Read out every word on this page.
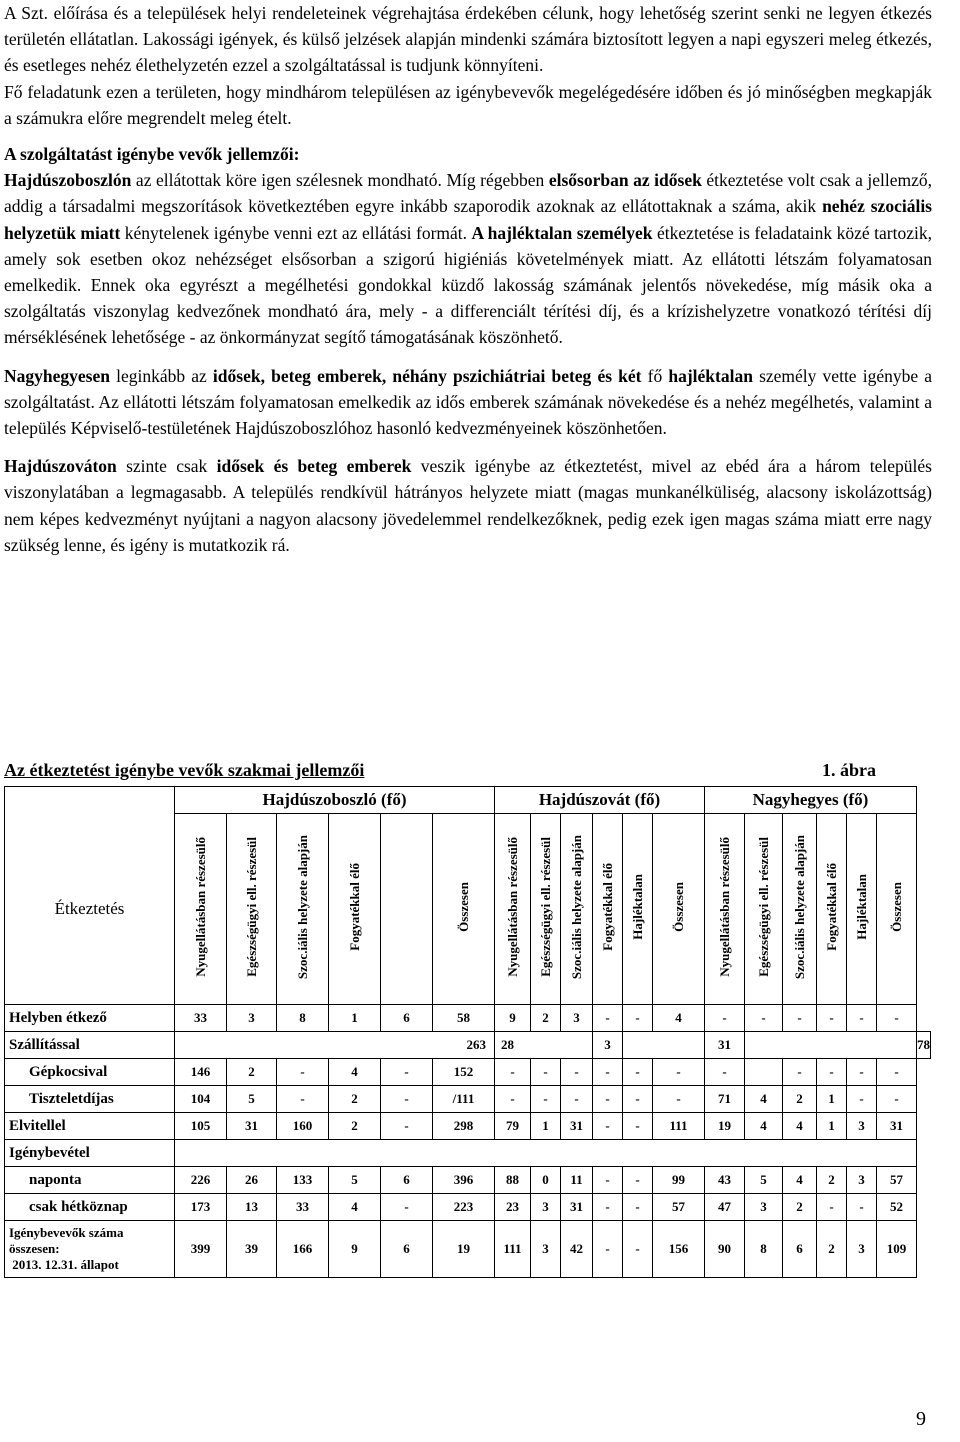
A Szt. előírása és a települések helyi rendeleteinek végrehajtása érdekében célunk, hogy lehetőség szerint senki ne legyen étkezés területén ellátatlan. Lakossági igények, és külső jelzések alapján mindenki számára biztosított legyen a napi egyszeri meleg étkezés, és esetleges nehéz élethelyzetén ezzel a szolgáltatással is tudjunk könnyíteni.

Fő feladatunk ezen a területen, hogy mindhárom településen az igénybevevők megelégedésére időben és jó minőségben megkapják a számukra előre megrendelt meleg ételt.

A szolgáltatást igénybe vevők jellemzői:

Hajdúszoboszlón az ellátottak köre igen szélesnek mondható. Míg régebben elsősorban az idősek étkeztetése volt csak a jellemző, addig a társadalmi megszorítások következtében egyre inkább szaporodik azoknak az ellátottaknak a száma, akik nehéz szociális helyzetük miatt kénytelenek igénybe venni ezt az ellátási formát. A hajléktalan személyek étkeztetése is feladataink közé tartozik, amely sok esetben okoz nehézséget elsősorban a szigorú higiéniás követelmények miatt. Az ellátotti létszám folyamatosan emelkedik. Ennek oka egyrészt a megélhetési gondokkal küzdő lakosság számának jelentős növekedése, míg másik oka a szolgáltatás viszonylag kedvezőnek mondható ára, mely - a differenciált térítési díj, és a krízishelyzetre vonatkozó térítési díj mérséklésének lehetősége - az önkormányzat segítő támogatásának köszönhető.

Nagyhegyesen leginkább az idősek, beteg emberek, néhány pszichiátriai beteg és két fő hajléktalan személy vette igénybe a szolgáltatást. Az ellátotti létszám folyamatosan emelkedik az idős emberek számának növekedése és a nehéz megélhetés, valamint a település Képviselő-testületének Hajdúszoboszlóhoz hasonló kedvezményeinek köszönhetően.

Hajdúszováton szinte csak idősek és beteg emberek veszik igénybe az étkeztetést, mivel az ebéd ára a három település viszonylatában a legmagasabb. A település rendkívül hátrányos helyzete miatt (magas munkanélküliség, alacsony iskolázottság) nem képes kedvezményt nyújtani a nagyon alacsony jövedelemmel rendelkezőknek, pedig ezek igen magas száma miatt erre nagy szükség lenne, és igény is mutatkozik rá.

Az étkeztetést igénybe vevők szakmai jellemzői	1. ábra
	Hajdúszoboszló (fő)						Hajdúszovát (fő)						Nagyhegyes (fő)						
Étkeztetés	Nyugellátásban részesülő	Egészségügyi ell. részesül	Szoc.iális helyzete alapján	Fogyatékkal élő		Összesen	Nyugellátásban részesülő	Egészségügyi ell. részesül	Szoc.iális helyzete alapján	Fogyatékkal élő	Hajléktalan	Összesen	Nyugellátásban részesülő	Egészségügyi ell. részesül	Szoc.iális helyzete alapján	Fogyatékkal élő	Hajléktalan	Összesen	
Helyben étkező	33	3	8	1	6	58	9	2	3	-	-	4	-	-	-	-	-	-	
Szállítással	263						28			3			31						78
Gépkocsival	146	2	-	4	-	152	-	-	-	-	-	-	-		-	-	-	-	
Tiszteletdíjas	104	5	-	2	-	/111	-	-	-	-	-	-	71	4	2	1	-	-	
Elvitellel	105	31	160	2	-	298	79	1	31	-	-	111	19	4	4	1	3	31	
Igénybevétel																			
naponta	226	26	133	5	6	396	88	0	11	-	-	99	43	5	4	2	3	57	
csak hétköznap	173	13	33	4	-	223	23	3	31	-	-	57	47	3	2	-	-	52	
Igénybevevők száma
összesen:
2013. 12.31. állapot	399	39	166	9	6	19	111	3	42	-	-	156	90	8	6	2	3	109	
9
